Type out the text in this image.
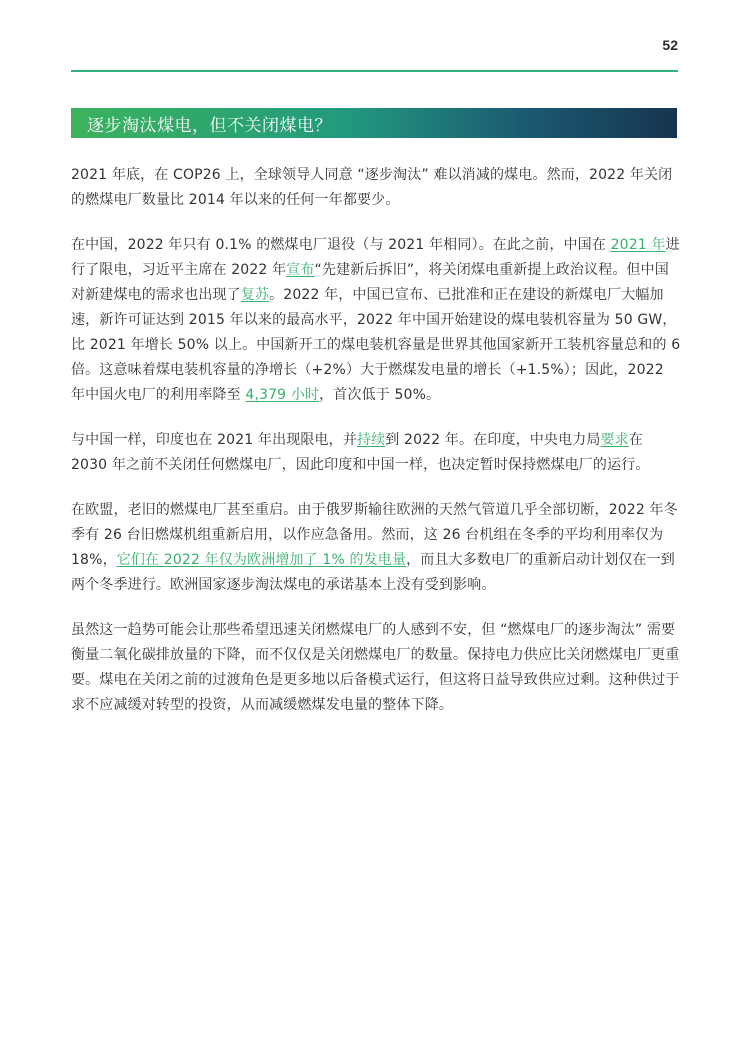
52
逐步淘汰煤电，但不关闭煤电？

2021 年底，在 COP26 上，全球领导人同意 “逐步淘汰” 难以消减的煤电。然而，2022 年关闭的燃煤电厂数量比 2014 年以来的任何一年都要少。

在中国，2022 年只有 0.1% 的燃煤电厂退役（与 2021 年相同）。在此之前，中国在 2021 年进行了限电，习近平主席在 2022 年宣布“先建新后拆旧”，将关闭煤电重新提上政治议程。但中国对新建煤电的需求也出现了复苏。2022 年，中国已宣布、已批准和正在建设的新煤电厂大幅加速，新许可证达到 2015 年以来的最高水平，2022 年中国开始建设的煤电装机容量为 50 GW，比 2021 年增长 50% 以上。中国新开工的煤电装机容量是世界其他国家新开工装机容量总和的 6 倍。这意味着煤电装机容量的净增长（+2%）大于燃煤发电量的增长（+1.5%）；因此，2022 年中国火电厂的利用率降至 4,379 小时，首次低于 50%。

与中国一样，印度也在 2021 年出现限电，并持续到 2022 年。在印度，中央电力局要求在 2030 年之前不关闭任何燃煤电厂，因此印度和中国一样，也决定暂时保持燃煤电厂的运行。

在欧盟，老旧的燃煤电厂甚至重启。由于俄罗斯输往欧洲的天然气管道几乎全部切断，2022 年冬季有 26 台旧燃煤机组重新启用，以作应急备用。然而，这 26 台机组在冬季的平均利用率仅为 18%，它们在 2022 年仅为欧洲增加了 1% 的发电量，而且大多数电厂的重新启动计划仅在一到两个冬季进行。欧洲国家逐步淘汰煤电的承诺基本上没有受到影响。

虽然这一趋势可能会让那些希望迅速关闭燃煤电厂的人感到不安，但 “燃煤电厂的逐步淘汰” 需要衡量二氧化碳排放量的下降，而不仅仅是关闭燃煤电厂的数量。保持电力供应比关闭燃煤电厂更重要。煤电在关闭之前的过渡角色是更多地以后备模式运行，但这将日益导致供应过剩。这种供过于求不应减缓对转型的投资，从而减缓燃煤发电量的整体下降。
